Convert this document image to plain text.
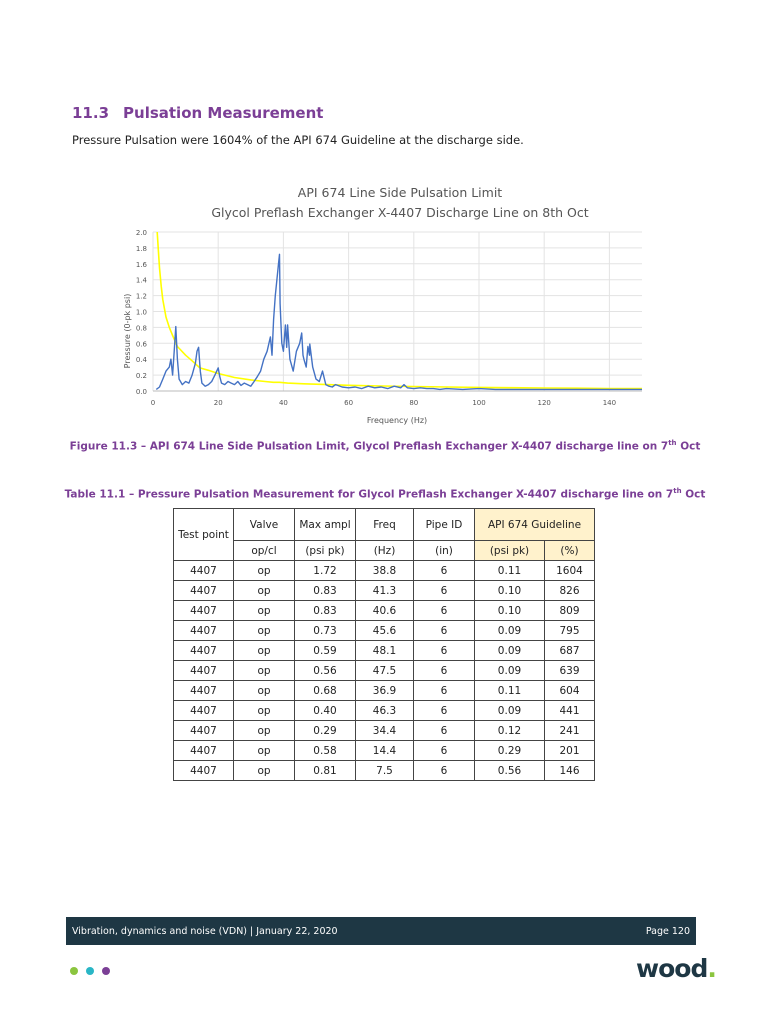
11.3 Pulsation Measurement

Pressure Pulsation were 1604% of the API 674 Guideline at the discharge side.

API 674 Line Side Pulsation Limit
Glycol Preflash Exchanger X-4407 Discharge Line on 8th Oct
0.0
0.2
0.4
0.6
0.8
1.0
1.2
1.4
1.6
1.8
2.0
0	20	40	60	80	100	120	140
Frequency (Hz)
Pressure (0-pk psi)
Figure 11.3 – API 674 Line Side Pulsation Limit, Glycol Preflash Exchanger X-4407 discharge line on 7th Oct
Table 11.1 – Pressure Pulsation Measurement for Glycol Preflash Exchanger X-4407 discharge line on 7th Oct
Test point	Valve	Max ampl	Freq	Pipe ID	API 674 Guideline	
	op/cl	(psi pk)	(Hz)	(in)	(psi pk)	(%)
4407	op	1.72	38.8	6	0.11	1604
4407	op	0.83	41.3	6	0.10	826
4407	op	0.83	40.6	6	0.10	809
4407	op	0.73	45.6	6	0.09	795
4407	op	0.59	48.1	6	0.09	687
4407	op	0.56	47.5	6	0.09	639
4407	op	0.68	36.9	6	0.11	604
4407	op	0.40	46.3	6	0.09	441
4407	op	0.29	34.4	6	0.12	241
4407	op	0.58	14.4	6	0.29	201
4407	op	0.81	7.5	6	0.56	146
Vibration, dynamics and noise (VDN) | January 22, 2020	Page 120
wood.
